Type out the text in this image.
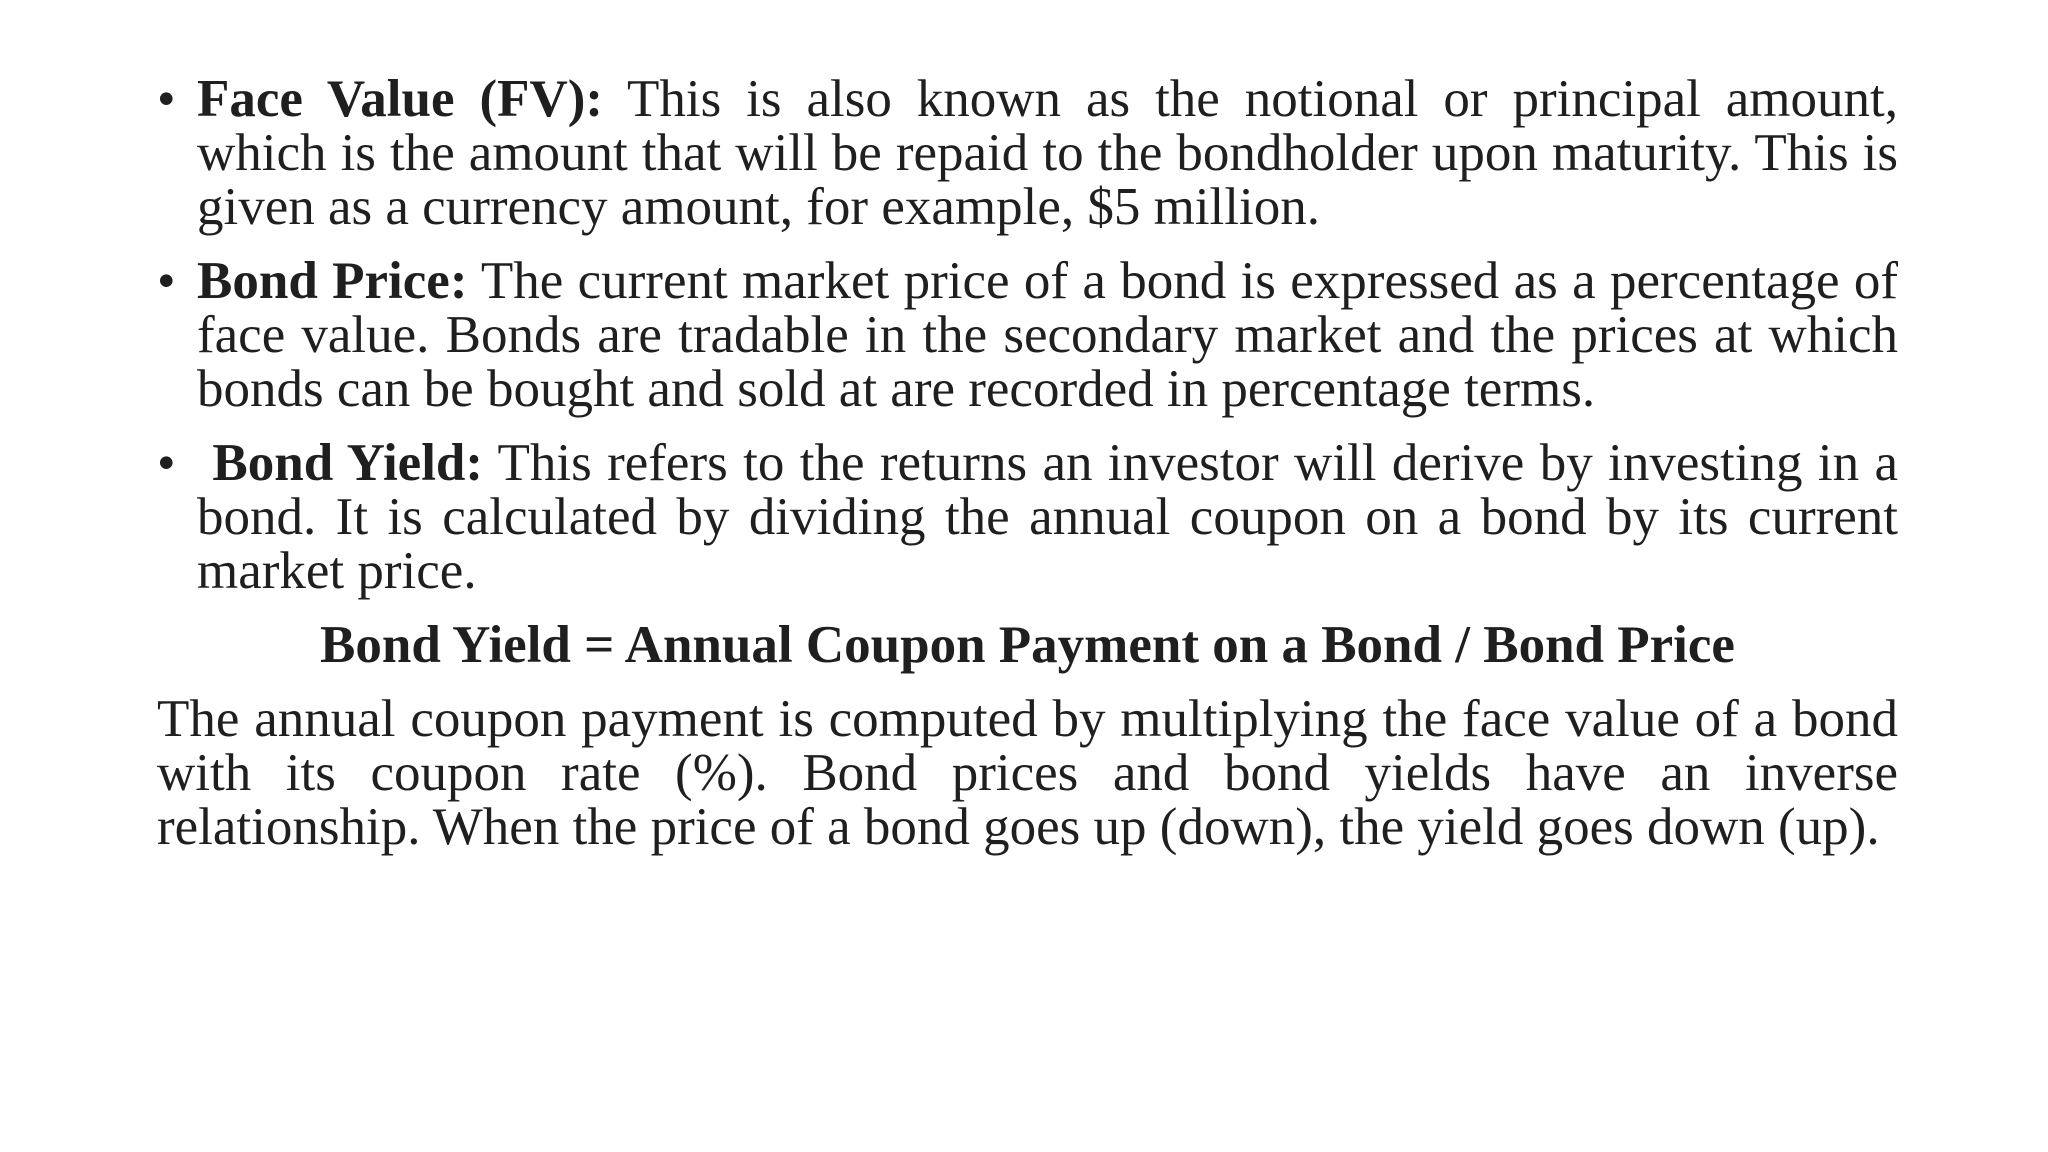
• Face Value (FV): This is also known as the notional or principal amount, which is the amount that will be repaid to the bondholder upon maturity. This is given as a currency amount, for example, $5 million.
• Bond Price: The current market price of a bond is expressed as a percentage of face value. Bonds are tradable in the secondary market and the prices at which bonds can be bought and sold at are recorded in percentage terms.
• Bond Yield: This refers to the returns an investor will derive by investing in a bond. It is calculated by dividing the annual coupon on a bond by its current market price.
Bond Yield = Annual Coupon Payment on a Bond / Bond Price

The annual coupon payment is computed by multiplying the face value of a bond with its coupon rate (%). Bond prices and bond yields have an inverse relationship. When the price of a bond goes up (down), the yield goes down (up).
